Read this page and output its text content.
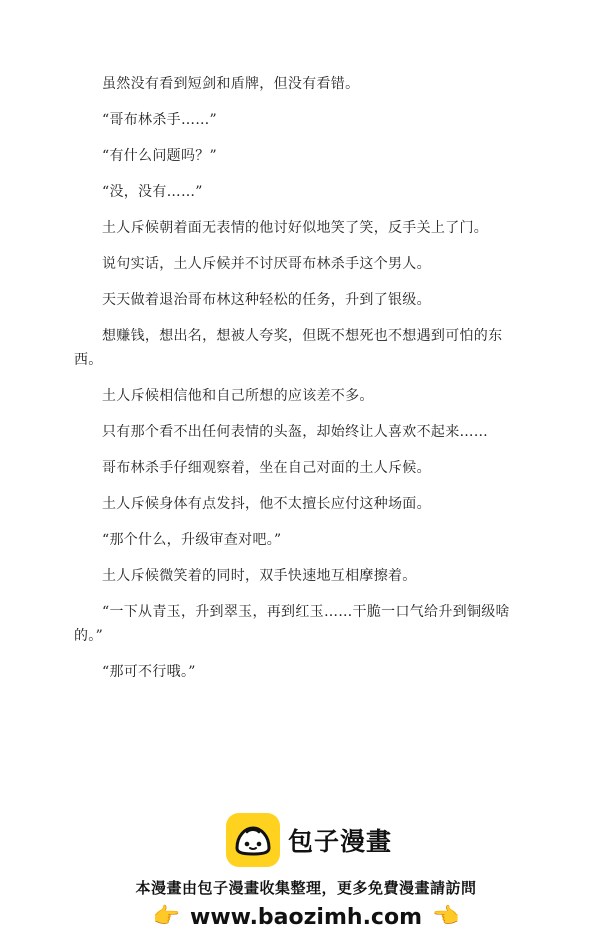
虽然没有看到短剑和盾牌，但没有看错。

“哥布林杀手……”

“有什么问题吗？”

“没，没有……”

土人斥候朝着面无表情的他讨好似地笑了笑，反手关上了门。

说句实话，土人斥候并不讨厌哥布林杀手这个男人。

天天做着退治哥布林这种轻松的任务，升到了银级。

想赚钱，想出名，想被人夸奖，但既不想死也不想遇到可怕的东
西。

土人斥候相信他和自己所想的应该差不多。

只有那个看不出任何表情的头盔，却始终让人喜欢不起来……

哥布林杀手仔细观察着，坐在自己对面的土人斥候。

土人斥候身体有点发抖，他不太擅长应付这种场面。

“那个什么，升级审查对吧。”

土人斥候微笑着的同时，双手快速地互相摩擦着。

“一下从青玉，升到翠玉，再到红玉……干脆一口气给升到铜级啥
的。”

“那可不行哦。”

包子漫畫
本漫畫由包子漫畫收集整理，更多免費漫畫請訪問
👉 www.baozimh.com 👈
